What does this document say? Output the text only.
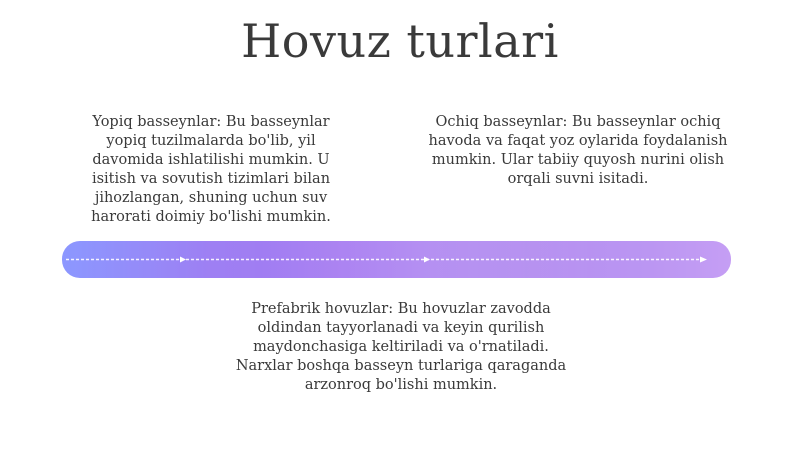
Hovuz turlari
Yopiq basseynlar: Bu basseynlar yopiq tuzilmalarda bo'lib, yil davomida ishlatilishi mumkin. U isitish va sovutish tizimlari bilan jihozlangan, shuning uchun suv harorati doimiy bo'lishi mumkin.
Ochiq basseynlar: Bu basseynlar ochiq havoda va faqat yoz oylarida foydalanish mumkin. Ular tabiiy quyosh nurini olish orqali suvni isitadi.
Prefabrik hovuzlar: Bu hovuzlar zavodda oldindan tayyorlanadi va keyin qurilish maydonchasiga keltiriladi va o'rnatiladi. Narxlar boshqa basseyn turlariga qaraganda arzonroq bo'lishi mumkin.
